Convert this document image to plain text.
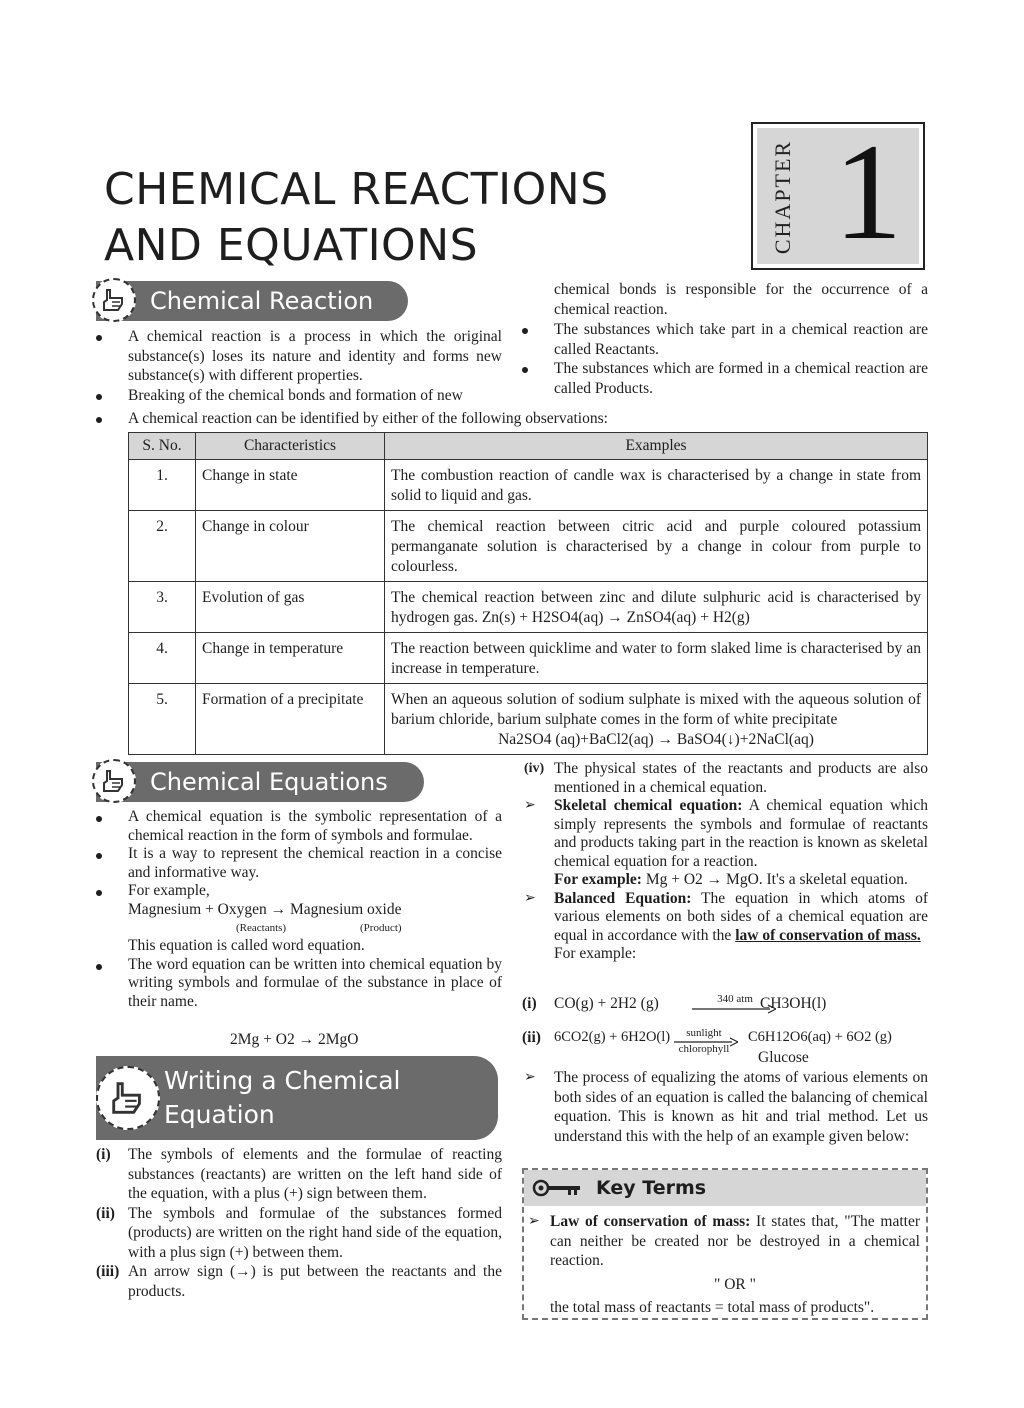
CHEMICAL REACTIONS
AND EQUATIONS	CHAPTER 1
Chemical Reaction
A chemical reaction is a process in which the original substance(s) loses its nature and identity and forms new substance(s) with different properties.
Breaking of the chemical bonds and formation of new
chemical bonds is responsible for the occurrence of a chemical reaction.
The substances which take part in a chemical reaction are called Reactants.
The substances which are formed in a chemical reaction are called Products.
A chemical reaction can be identified by either of the following observations:
S. No.	Characteristics	Examples
1.	Change in state	The combustion reaction of candle wax is characterised by a change in state from solid to liquid and gas.
2.	Change in colour	The chemical reaction between citric acid and purple coloured potassium permanganate solution is characterised by a change in colour from purple to colourless.
3.	Evolution of gas	The chemical reaction between zinc and dilute sulphuric acid is characterised by hydrogen gas. Zn(s) + H2SO4(aq) → ZnSO4(aq) + H2(g)
4.	Change in temperature	The reaction between quicklime and water to form slaked lime is characterised by an increase in temperature.
5.	Formation of a precipitate	When an aqueous solution of sodium sulphate is mixed with the aqueous solution of barium chloride, barium sulphate comes in the form of white precipitate
Na2SO4 (aq)+BaCl2(aq) → BaSO4(↓)+2NaCl(aq)
Chemical Equations
A chemical equation is the symbolic representation of a chemical reaction in the form of symbols and formulae.
It is a way to represent the chemical reaction in a concise and informative way.
For example,
Magnesium + Oxygen → Magnesium oxide
(Reactants)	(Product)
This equation is called word equation.
The word equation can be written into chemical equation by writing symbols and formulae of the substance in place of their name.
2Mg + O2 → 2MgO
Writing a Chemical
Equation
(i) The symbols of elements and the formulae of reacting substances (reactants) are written on the left hand side of the equation, with a plus (+) sign between them.
(ii) The symbols and formulae of the substances formed (products) are written on the right hand side of the equation, with a plus sign (+) between them.
(iii) An arrow sign (→) is put between the reactants and the products.
(iv) The physical states of the reactants and products are also mentioned in a chemical equation.
➢ Skeletal chemical equation: A chemical equation which simply represents the symbols and formulae of reactants and products taking part in the reaction is known as skeletal chemical equation for a reaction.
For example: Mg + O2 → MgO. It's a skeletal equation.
➢ Balanced Equation: The equation in which atoms of various elements on both sides of a chemical equation are equal in accordance with the law of conservation of mass.
For example:
(i) CO(g) + 2H2 (g)	340 atm CH3OH(l)
(ii) 6CO2(g) + 6H2O(l)	sunlight
chlorophyll
C6H12O6(aq) + 6O2 (g)
Glucose
➢ The process of equalizing the atoms of various elements on both sides of an equation is called the balancing of chemical equation. This is known as hit and trial method. Let us understand this with the help of an example given below:
Key Terms
➢ Law of conservation of mass: It states that, "The matter can neither be created nor be destroyed in a chemical reaction.
" OR "
the total mass of reactants = total mass of products".
